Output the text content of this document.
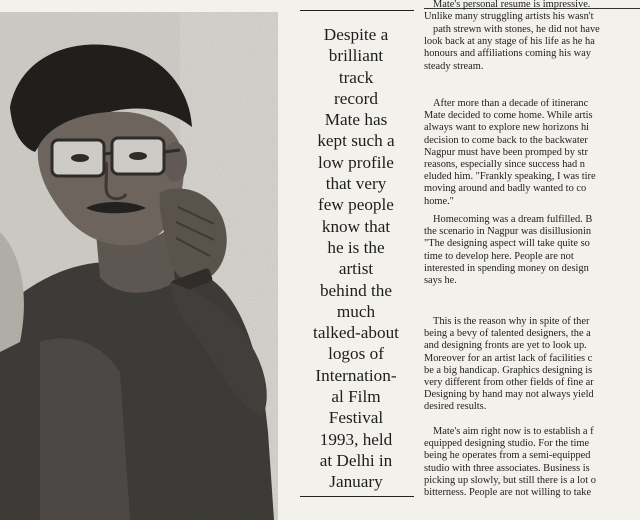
Despite a
brilliant
track
record
Mate has
kept such a
low profile
that very
few people
know that
he is the
artist
behind the
much
talked-about
logos of
Internation-
al Film
Festival
1993, held
at Delhi in
January
Mate's personal resume is impressive.
Unlike many struggling artists his wasn't
path strewn with stones, he did not have
look back at any stage of his life as he ha
honours and affiliations coming his way
steady stream.
After more than a decade of itineranc
Mate decided to come home. While artis
always want to explore new horizons hi
decision to come back to the backwater
Nagpur must have been promped by str
reasons, especially since success had n
eluded him. "Frankly speaking, I was tire
moving around and badly wanted to co
home."
Homecoming was a dream fulfilled. B
the scenario in Nagpur was disillusionin
"The designing aspect will take quite so
time to develop here. People are not
interested in spending money on design
says he.
This is the reason why in spite of ther
being a bevy of talented designers, the a
and designing fronts are yet to look up.
Moreover for an artist lack of facilities c
be a big handicap. Graphics designing is
very different from other fields of fine ar
Designing by hand may not always yield
desired results.
Mate's aim right now is to establish a f
equipped designing studio. For the time
being he operates from a semi-equipped
studio with three associates. Business is
picking up slowly, but still there is a lot o
bitterness. People are not willing to take
